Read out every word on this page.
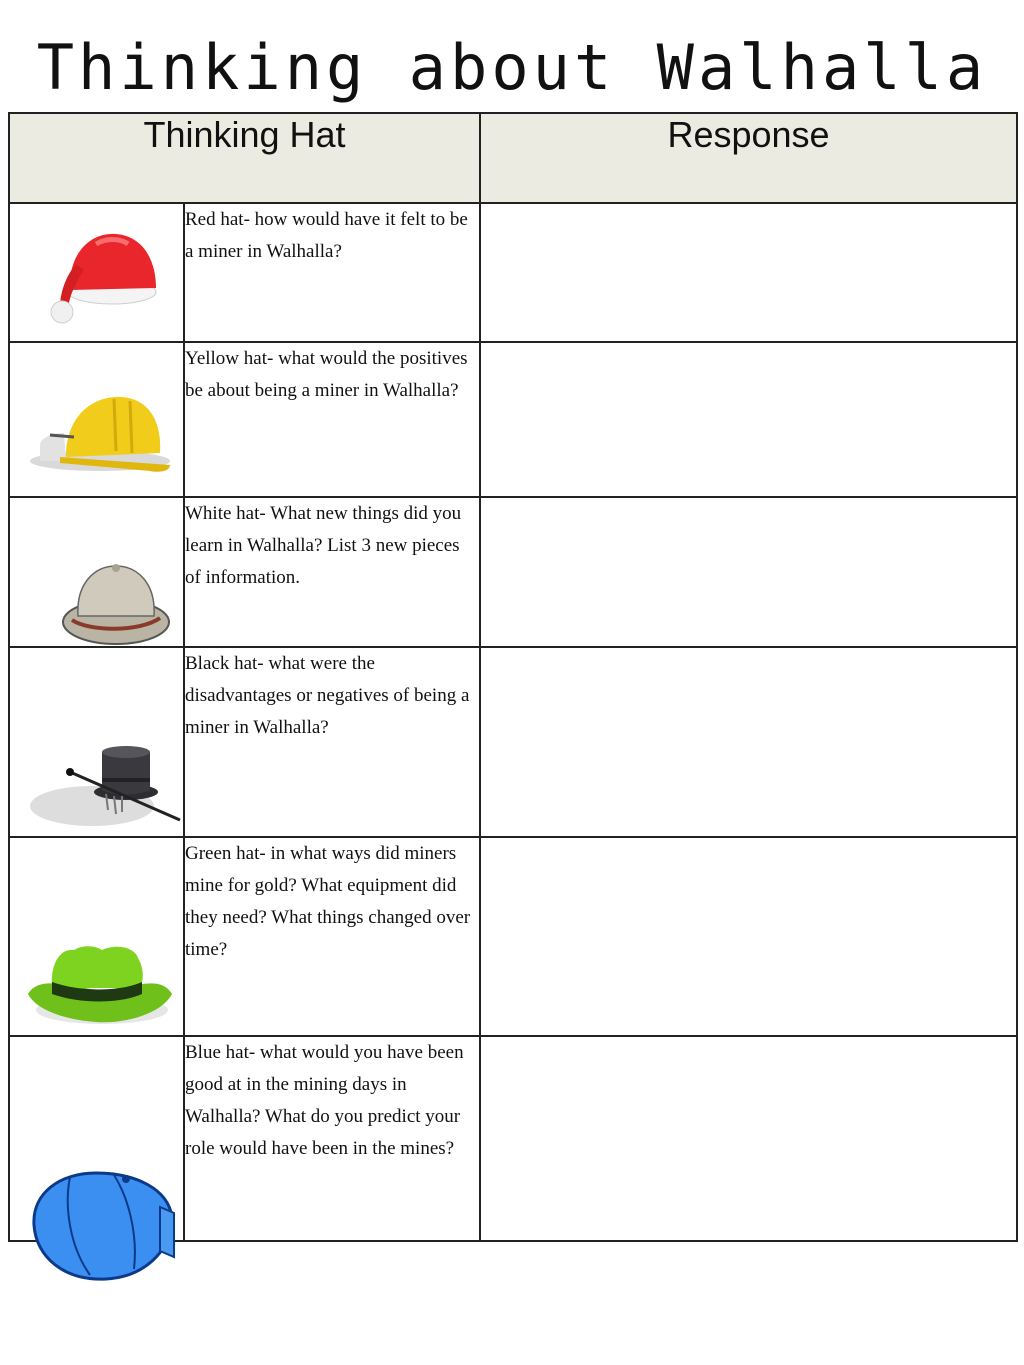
Thinking about Walhalla
Thinking Hat		Response

	Red hat- how would have it felt to be a miner in Walhalla?	

	Yellow hat- what would the positives be about being a miner in Walhalla?	

	White hat- What new things did you learn in Walhalla? List 3 new pieces of information.	

	Black hat- what were the disadvantages or negatives of being a miner in Walhalla?	

	Green hat- in what ways did miners mine for gold? What equipment did they need? What things changed over time?	

	Blue hat- what would you have been good at in the mining days in Walhalla? What do you predict your role would have been in the mines?	
